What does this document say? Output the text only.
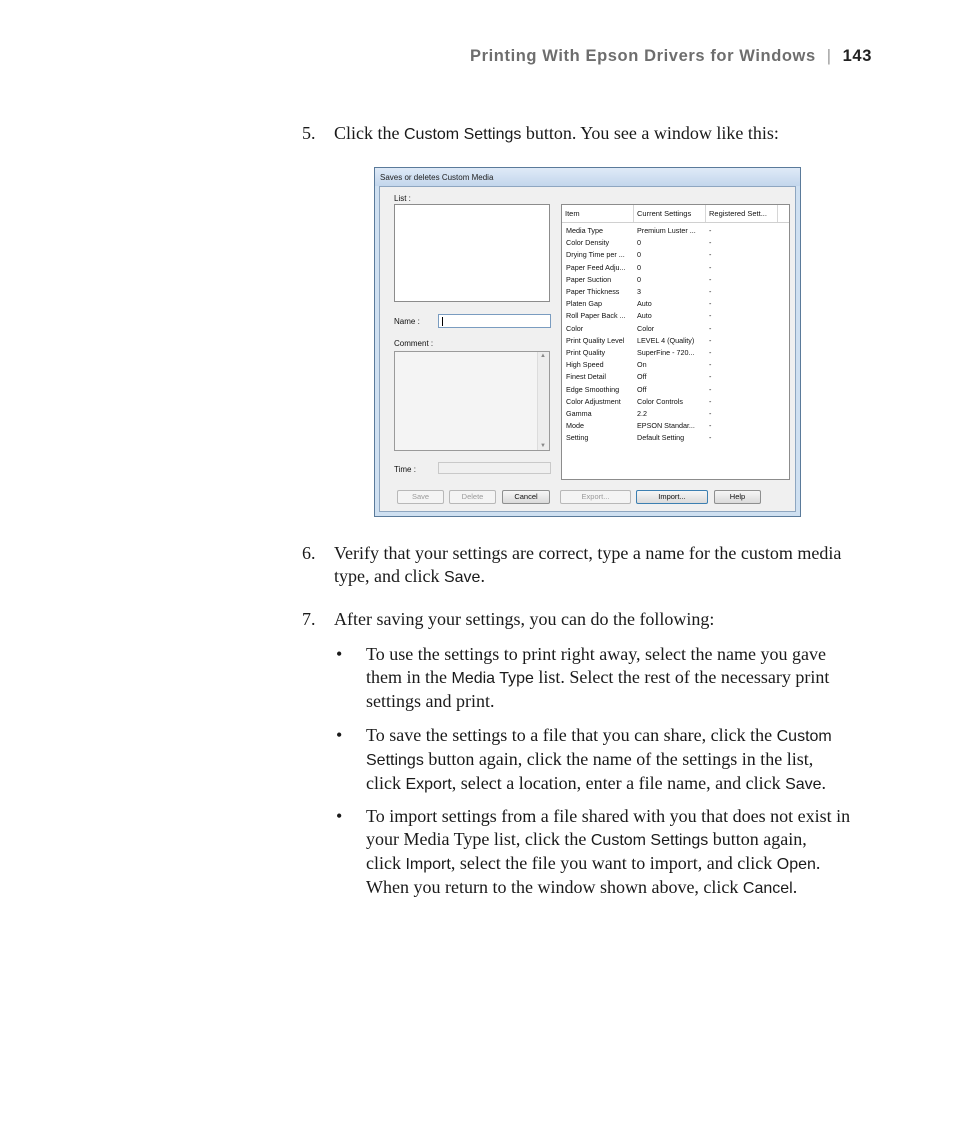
Printing With Epson Drivers for Windows | 143
5. Click the Custom Settings button. You see a window like this:
Saves or deletes Custom Media
List :
Name :
Comment :
▲
▼
Time :
Item	Current Settings	Registered Sett...
Media Type	Premium Luster ...	-
Color Density	0	-
Drying Time per ...	0	-
Paper Feed Adju...	0	-
Paper Suction	0	-
Paper Thickness	3	-
Platen Gap	Auto	-
Roll Paper Back ...	Auto	-
Color	Color	-
Print Quality Level	LEVEL 4 (Quality)	-
Print Quality	SuperFine - 720...	-
High Speed	On	-
Finest Detail	Off	-
Edge Smoothing	Off	-
Color Adjustment	Color Controls	-
Gamma	2.2	-
Mode	EPSON Standar...	-
Setting	Default Setting	-
Save	Delete	Cancel	Export...	Import...	Help
6. Verify that your settings are correct, type a name for the custom media
type, and click Save.
7. After saving your settings, you can do the following:
• To use the settings to print right away, select the name you gave
them in the Media Type list. Select the rest of the necessary print
settings and print.
• To save the settings to a file that you can share, click the Custom
Settings button again, click the name of the settings in the list,
click Export, select a location, enter a file name, and click Save.
• To import settings from a file shared with you that does not exist in
your Media Type list, click the Custom Settings button again,
click Import, select the file you want to import, and click Open.
When you return to the window shown above, click Cancel.
